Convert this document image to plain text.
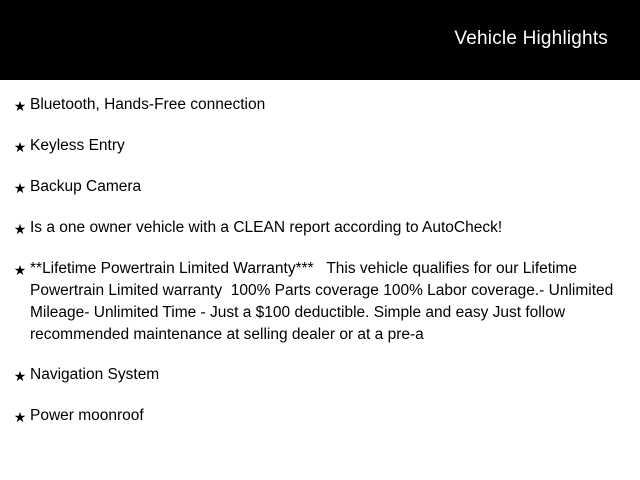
Vehicle Highlights
★ Bluetooth, Hands-Free connection
★ Keyless Entry
★ Backup Camera
★ Is a one owner vehicle with a CLEAN report according to AutoCheck!
★ **Lifetime Powertrain Limited Warranty***   This vehicle qualifies for our Lifetime Powertrain Limited warranty  100% Parts coverage 100% Labor coverage.- Unlimited Mileage- Unlimited Time - Just a $100 deductible. Simple and easy Just follow recommended maintenance at selling dealer or at a pre-a
★ Navigation System
★ Power moonroof
